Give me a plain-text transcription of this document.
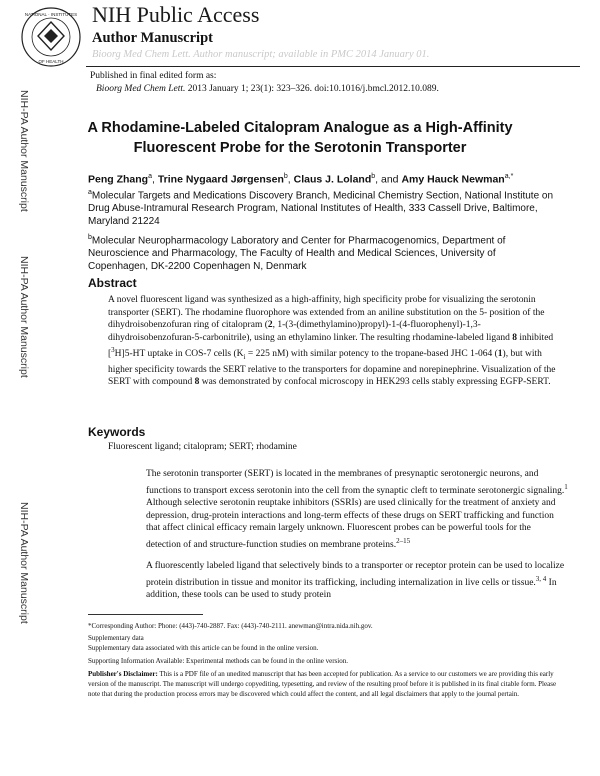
NATIONAL · INSTITUTES
OF HEALTH
NIH Public Access
Author Manuscript
Bioorg Med Chem Lett. Author manuscript; available in PMC 2014 January 01.
Published in final edited form as:
Bioorg Med Chem Lett. 2013 January 1; 23(1): 323–326. doi:10.1016/j.bmcl.2012.10.089.
NIH-PA Author Manuscript
NIH-PA Author Manuscript
NIH-PA Author Manuscript
A Rhodamine-Labeled Citalopram Analogue as a High-Affinity Fluorescent Probe for the Serotonin Transporter
Peng Zhang$^a$, Trine Nygaard Jørgensen$^b$, Claus J. Loland$^b$, and Amy Hauck Newman$^{a,*}$
$^a$Molecular Targets and Medications Discovery Branch, Medicinal Chemistry Section, National Institute on Drug Abuse-Intramural Research Program, National Institutes of Health, 333 Cassell Drive, Baltimore, Maryland 21224
$^b$Molecular Neuropharmacology Laboratory and Center for Pharmacogenomics, Department of Neuroscience and Pharmacology, The Faculty of Health and Medical Sciences, University of Copenhagen, DK-2200 Copenhagen N, Denmark
Abstract
A novel fluorescent ligand was synthesized as a high-affinity, high specificity probe for visualizing the serotonin transporter (SERT). The rhodamine fluorophore was extended from an aniline substitution on the 5- position of the dihydroisobenzofuran ring of citalopram (2, 1-(3-(dimethylamino)propyl)-1-(4-fluorophenyl)-1,3-dihydroisobenzofuran-5-carbonitrile), using an ethylamino linker. The resulting rhodamine-labeled ligand 8 inhibited [$^3$H]5-HT uptake in COS-7 cells ($K_i = 225$ nM) with similar potency to the tropane-based JHC 1-064 (1), but with higher specificity towards the SERT relative to the transporters for dopamine and norepinephrine. Visualization of the SERT with compound 8 was demonstrated by confocal microscopy in HEK293 cells stably expressing EGFP-SERT.
Keywords
Fluorescent ligand; citalopram; SERT; rhodamine
The serotonin transporter (SERT) is located in the membranes of presynaptic serotonergic neurons, and functions to transport excess serotonin into the cell from the synaptic cleft to terminate serotonergic signaling.$^1$ Although selective serotonin reuptake inhibitors (SSRIs) are used clinically for the treatment of anxiety and depression, drug-protein interactions and long-term effects of these drugs on SERT trafficking and function that affect clinical efficacy remain largely unknown. Fluorescent probes can be powerful tools for the detection of and structure-function studies on membrane proteins.$^{2-15}$
A fluorescently labeled ligand that selectively binds to a transporter or receptor protein can be used to localize protein distribution in tissue and monitor its trafficking, including internalization in live cells or tissue.$^{3, 4}$ In addition, these tools can be used to study protein
*Corresponding Author: Phone: (443)-740-2887. Fax: (443)-740-2111. anewman@intra.nida.nih.gov.
Supplementary data
Supplementary data associated with this article can be found in the online version.
Supporting Information Available: Experimental methods can be found in the online version.
Publisher's Disclaimer: This is a PDF file of an unedited manuscript that has been accepted for publication. As a service to our customers we are providing this early version of the manuscript. The manuscript will undergo copyediting, typesetting, and review of the resulting proof before it is published in its final citable form. Please note that during the production process errors may be discovered which could affect the content, and all legal disclaimers that apply to the journal pertain.
